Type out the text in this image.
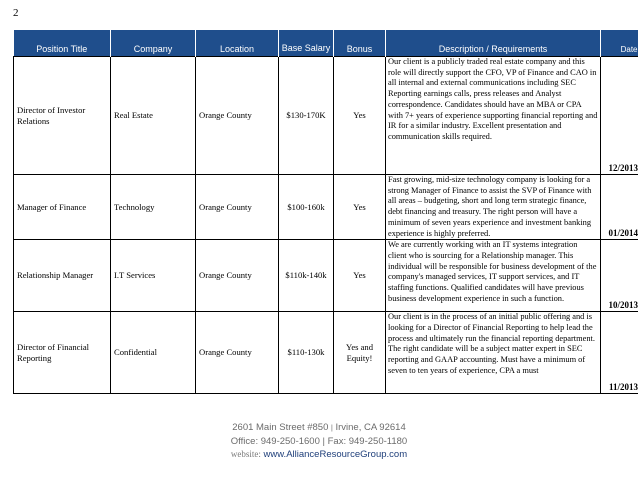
2
Position Title	Company	Location	Base Salary	Bonus	Description / Requirements	Date
Director of Investor Relations	Real Estate	Orange County	$130-170K	Yes	Our client is a publicly traded real estate company and this role will directly support the CFO, VP of Finance and CAO in all internal and external communications including SEC Reporting earnings calls, press releases and Analyst correspondence. Candidates should have an MBA or CPA with 7+ years of experience supporting financial reporting and IR for a similar industry. Excellent presentation and communication skills required.	12/2013
Manager of Finance	Technology	Orange County	$100-160k	Yes	Fast growing, mid-size technology company is looking for a strong Manager of Finance to assist the SVP of Finance with all areas – budgeting, short and long term strategic finance, debt financing and treasury. The right person will have a minimum of seven years experience and investment banking experience is highly preferred.	01/2014
Relationship Manager	I.T Services	Orange County	$110k-140k	Yes	We are currently working with an IT systems integration client who is sourcing for a Relationship manager. This individual will be responsible for business development of the company's managed services, IT support services, and IT staffing functions. Qualified candidates will have previous business development experience in such a function.	10/2013
Director of Financial Reporting	Confidential	Orange County	$110-130k	Yes and Equity!	Our client is in the process of an initial public offering and is looking for a Director of Financial Reporting to help lead the process and ultimately run the financial reporting department. The right candidate will be a subject matter expert in SEC reporting and GAAP accounting. Must have a minimum of seven to ten years of experience, CPA a must	11/2013
2601 Main Street #850 | Irvine, CA 92614
Office: 949-250-1600 | Fax: 949-250-1180
website: www.AllianceResourceGroup.com
